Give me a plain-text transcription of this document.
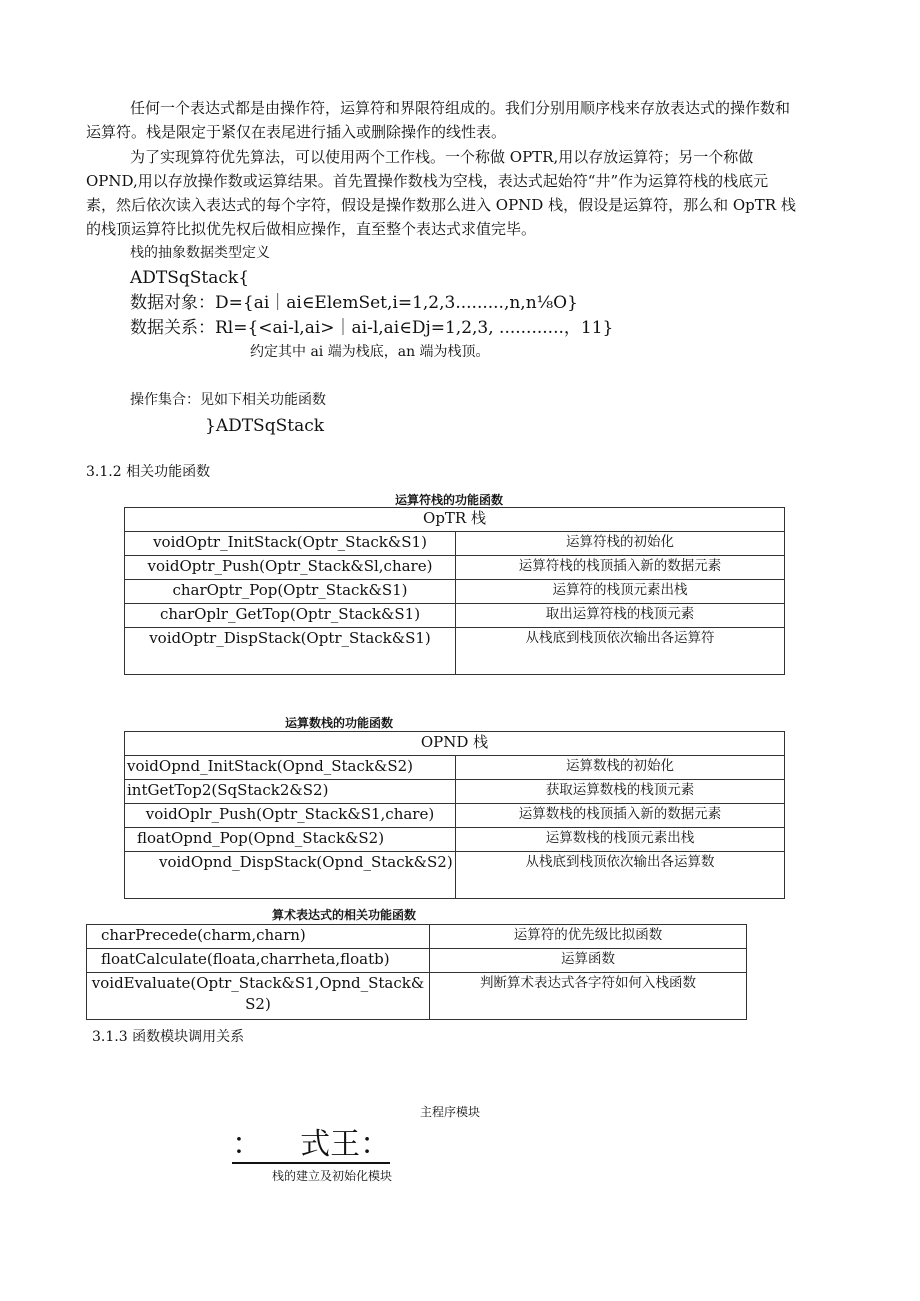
任何一个表达式都是由操作符，运算符和界限符组成的。我们分别用顺序栈来存放表达式的操作数和
运算符。栈是限定于紧仅在表尾进行插入或删除操作的线性表。
为了实现算符优先算法，可以使用两个工作栈。一个称做 OPTR,用以存放运算符；另一个称做
OPND,用以存放操作数或运算结果。首先置操作数栈为空栈，表达式起始符“井”作为运算符栈的栈底元
素，然后依次读入表达式的每个字符，假设是操作数那么进入 OPND 栈，假设是运算符，那么和 OpTR 栈
的栈顶运算符比拟优先权后做相应操作，直至整个表达式求值完毕。
栈的抽象数据类型定义
ADTSqStack{
数据对象：D={ai｜ai∈ElemSet,i=1,2,3.........,n,n⅛O}
数据关系：Rl={<ai-l,ai>｜ai-l,ai∈Dj=1,2,3, ............，11}
约定其中 ai 端为栈底，an 端为栈顶。
操作集合：见如下相关功能函数
}ADTSqStack
3.1.2 相关功能函数
运算符栈的功能函数
OpTR 栈	
voidOptr_InitStack(Optr_Stack&S1)	运算符栈的初始化
voidOptr_Push(Optr_Stack&Sl,chare)	运算符栈的栈顶插入新的数据元素
charOptr_Pop(Optr_Stack&S1)	运算符的栈顶元素出栈
charOplr_GetTop(Optr_Stack&S1)	取出运算符栈的栈顶元素
voidOptr_DispStack(Optr_Stack&S1)	从栈底到栈顶依次输出各运算符
运算数栈的功能函数
OPND 栈	
voidOpnd_InitStack(Opnd_Stack&S2)	运算数栈的初始化
intGetTop2(SqStack2&S2)	获取运算数栈的栈顶元素
voidOplr_Push(Optr_Stack&S1,chare)	运算数栈的栈顶插入新的数据元素
floatOpnd_Pop(Opnd_Stack&S2)	运算数栈的栈顶元素出栈
voidOpnd_DispStack(Opnd_Stack&S2)	从栈底到栈顶依次输出各运算数
算术表达式的相关功能函数
charPrecede(charm,charn)	运算符的优先级比拟函数
floatCalculate(floata,charrheta,floatb)	运算函数
voidEvaluate(Optr_Stack&S1,Opnd_Stack&S2)	判断算术表达式各字符如何入栈函数
3.1.3 函数模块调用关系
主程序模块
：    式王：
栈的建立及初始化模块
